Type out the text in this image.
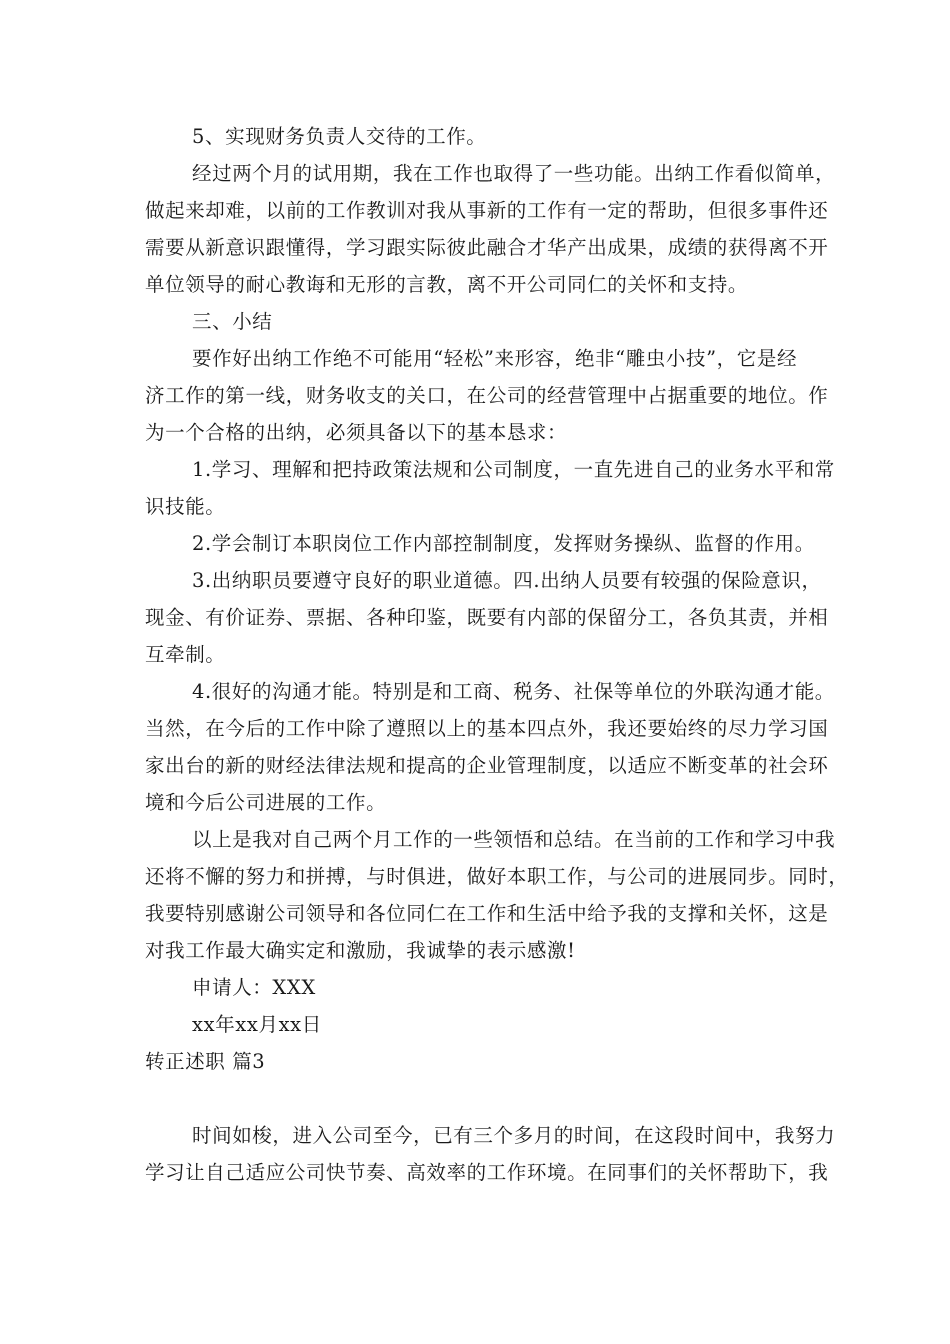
5、实现财务负责人交待的工作。
经过两个月的试用期，我在工作也取得了一些功能。出纳工作看似简单，
做起来却难，以前的工作教训对我从事新的工作有一定的帮助，但很多事件还
需要从新意识跟懂得，学习跟实际彼此融合才华产出成果，成绩的获得离不开
单位领导的耐心教诲和无形的言教，离不开公司同仁的关怀和支持。
三、小结
要作好出纳工作绝不可能用“轻松”来形容，绝非“雕虫小技”，它是经
济工作的第一线，财务收支的关口，在公司的经营管理中占据重要的地位。作
为一个合格的出纳，必须具备以下的基本恳求：
1.学习、理解和把持政策法规和公司制度，一直先进自己的业务水平和常
识技能。
2.学会制订本职岗位工作内部控制制度，发挥财务操纵、监督的作用。
3.出纳职员要遵守良好的职业道德。四.出纳人员要有较强的保险意识，
现金、有价证券、票据、各种印鉴，既要有内部的保留分工，各负其责，并相
互牵制。
4.很好的沟通才能。特别是和工商、税务、社保等单位的外联沟通才能。
当然，在今后的工作中除了遵照以上的基本四点外，我还要始终的尽力学习国
家出台的新的财经法律法规和提高的企业管理制度，以适应不断变革的社会环
境和今后公司进展的工作。
以上是我对自己两个月工作的一些领悟和总结。在当前的工作和学习中我
还将不懈的努力和拼搏，与时俱进，做好本职工作，与公司的进展同步。同时，
我要特别感谢公司领导和各位同仁在工作和生活中给予我的支撑和关怀，这是
对我工作最大确实定和激励，我诚挚的表示感激!
申请人：XXX
xx年xx月xx日
转正述职 篇3
时间如梭，进入公司至今，已有三个多月的时间，在这段时间中，我努力
学习让自己适应公司快节奏、高效率的工作环境。在同事们的关怀帮助下，我
